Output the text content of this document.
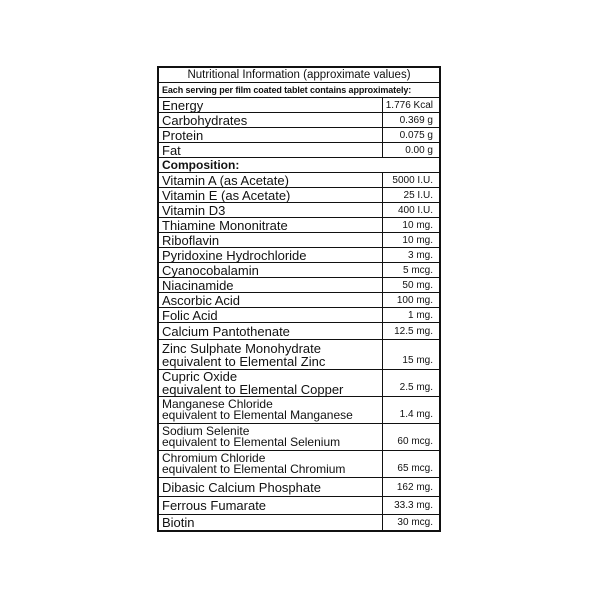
Nutritional Information (approximate values)
Each serving per film coated tablet contains approximately:
Energy	1.776 Kcal
Carbohydrates	0.369 g
Protein	0.075 g
Fat	0.00 g
Composition:
Vitamin A (as Acetate)	5000 I.U.
Vitamin E (as Acetate)	25 I.U.
Vitamin D3	400 I.U.
Thiamine Mononitrate	10 mg.
Riboflavin	10 mg.
Pyridoxine Hydrochloride	3 mg.
Cyanocobalamin	5 mcg.
Niacinamide	50 mg.
Ascorbic Acid	100 mg.
Folic Acid	1 mg.
Calcium Pantothenate	12.5 mg.
Zinc Sulphate Monohydrate
equivalent to Elemental Zinc	15 mg.
Cupric Oxide
equivalent to Elemental Copper	2.5 mg.
Manganese Chloride
equivalent to Elemental Manganese	1.4 mg.
Sodium Selenite
equivalent to Elemental Selenium	60 mcg.
Chromium Chloride
equivalent to Elemental Chromium	65 mcg.
Dibasic Calcium Phosphate	162 mg.
Ferrous Fumarate	33.3 mg.
Biotin	30 mcg.
